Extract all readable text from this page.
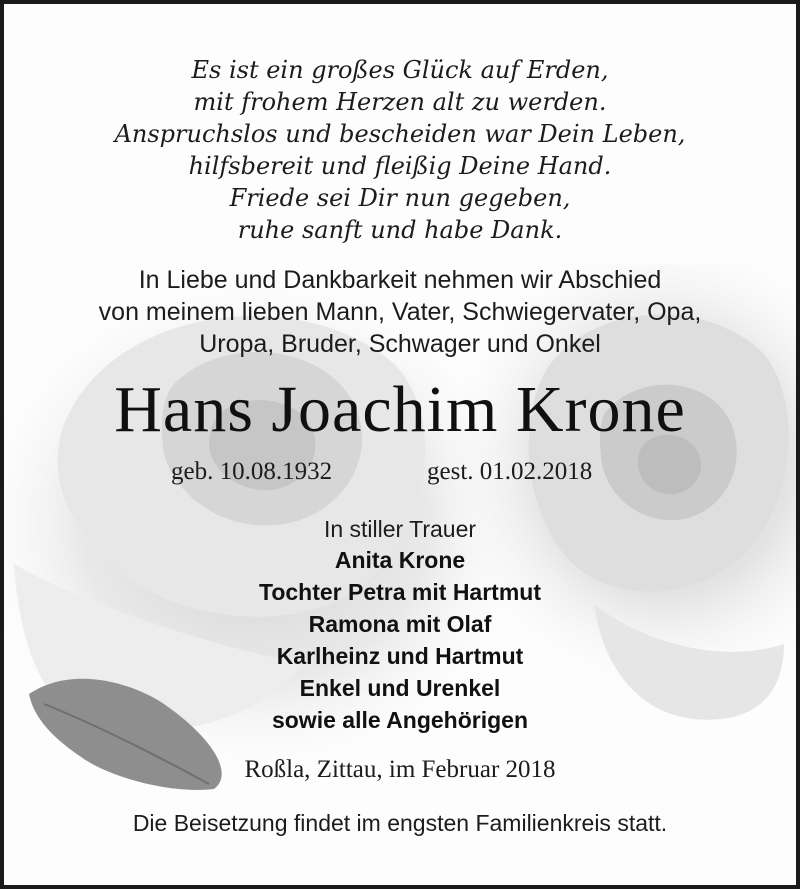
Es ist ein großes Glück auf Erden,
mit frohem Herzen alt zu werden.
Anspruchslos und bescheiden war Dein Leben,
hilfsbereit und fleißig Deine Hand.
Friede sei Dir nun gegeben,
ruhe sanft und habe Dank.
In Liebe und Dankbarkeit nehmen wir Abschied
von meinem lieben Mann, Vater, Schwiegervater, Opa,
Uropa, Bruder, Schwager und Onkel
Hans Joachim Krone
geb. 10.08.1932	gest. 01.02.2018
In stiller Trauer
Anita Krone
Tochter Petra mit Hartmut
Ramona mit Olaf
Karlheinz und Hartmut
Enkel und Urenkel
sowie alle Angehörigen
Roßla, Zittau, im Februar 2018
Die Beisetzung findet im engsten Familienkreis statt.
